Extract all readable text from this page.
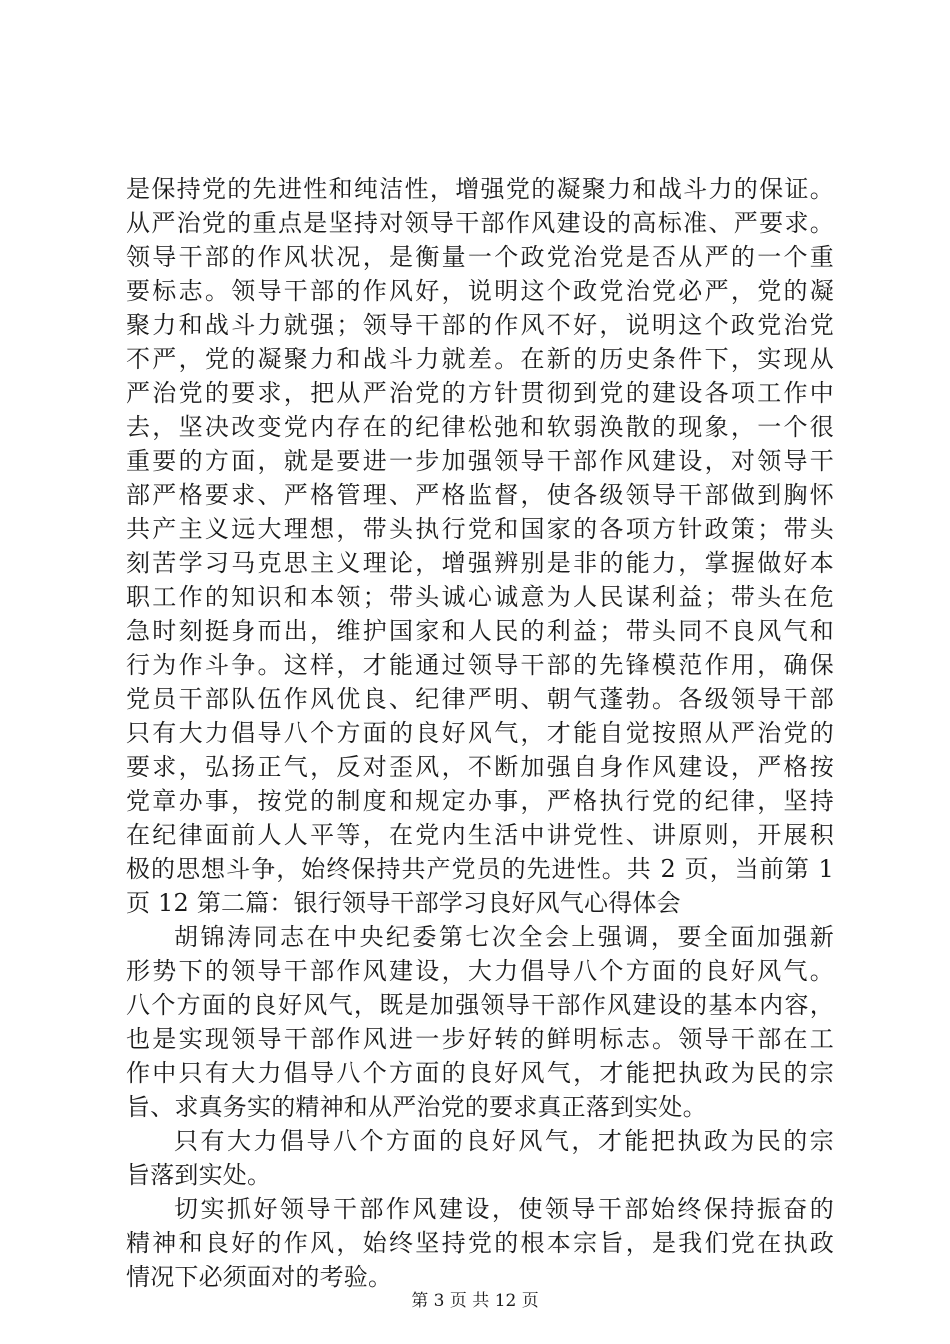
是保持党的先进性和纯洁性，增强党的凝聚力和战斗力的保证。
从严治党的重点是坚持对领导干部作风建设的高标准、严要求。
领导干部的作风状况，是衡量一个政党治党是否从严的一个重
要标志。领导干部的作风好，说明这个政党治党必严，党的凝
聚力和战斗力就强；领导干部的作风不好，说明这个政党治党
不严，党的凝聚力和战斗力就差。在新的历史条件下，实现从
严治党的要求，把从严治党的方针贯彻到党的建设各项工作中
去，坚决改变党内存在的纪律松弛和软弱涣散的现象，一个很
重要的方面，就是要进一步加强领导干部作风建设，对领导干
部严格要求、严格管理、严格监督，使各级领导干部做到胸怀
共产主义远大理想，带头执行党和国家的各项方针政策；带头
刻苦学习马克思主义理论，增强辨别是非的能力，掌握做好本
职工作的知识和本领；带头诚心诚意为人民谋利益；带头在危
急时刻挺身而出，维护国家和人民的利益；带头同不良风气和
行为作斗争。这样，才能通过领导干部的先锋模范作用，确保
党员干部队伍作风优良、纪律严明、朝气蓬勃。各级领导干部
只有大力倡导八个方面的良好风气，才能自觉按照从严治党的
要求，弘扬正气，反对歪风，不断加强自身作风建设，严格按
党章办事，按党的制度和规定办事，严格执行党的纪律，坚持
在纪律面前人人平等，在党内生活中讲党性、讲原则，开展积
极的思想斗争，始终保持共产党员的先进性。共 2 页，当前第 1
页 12 第二篇：银行领导干部学习良好风气心得体会
胡锦涛同志在中央纪委第七次全会上强调，要全面加强新
形势下的领导干部作风建设，大力倡导八个方面的良好风气。
八个方面的良好风气，既是加强领导干部作风建设的基本内容，
也是实现领导干部作风进一步好转的鲜明标志。领导干部在工
作中只有大力倡导八个方面的良好风气，才能把执政为民的宗
旨、求真务实的精神和从严治党的要求真正落到实处。
只有大力倡导八个方面的良好风气，才能把执政为民的宗
旨落到实处。
切实抓好领导干部作风建设，使领导干部始终保持振奋的
精神和良好的作风，始终坚持党的根本宗旨，是我们党在执政
情况下必须面对的考验。
第 3 页 共 12 页
